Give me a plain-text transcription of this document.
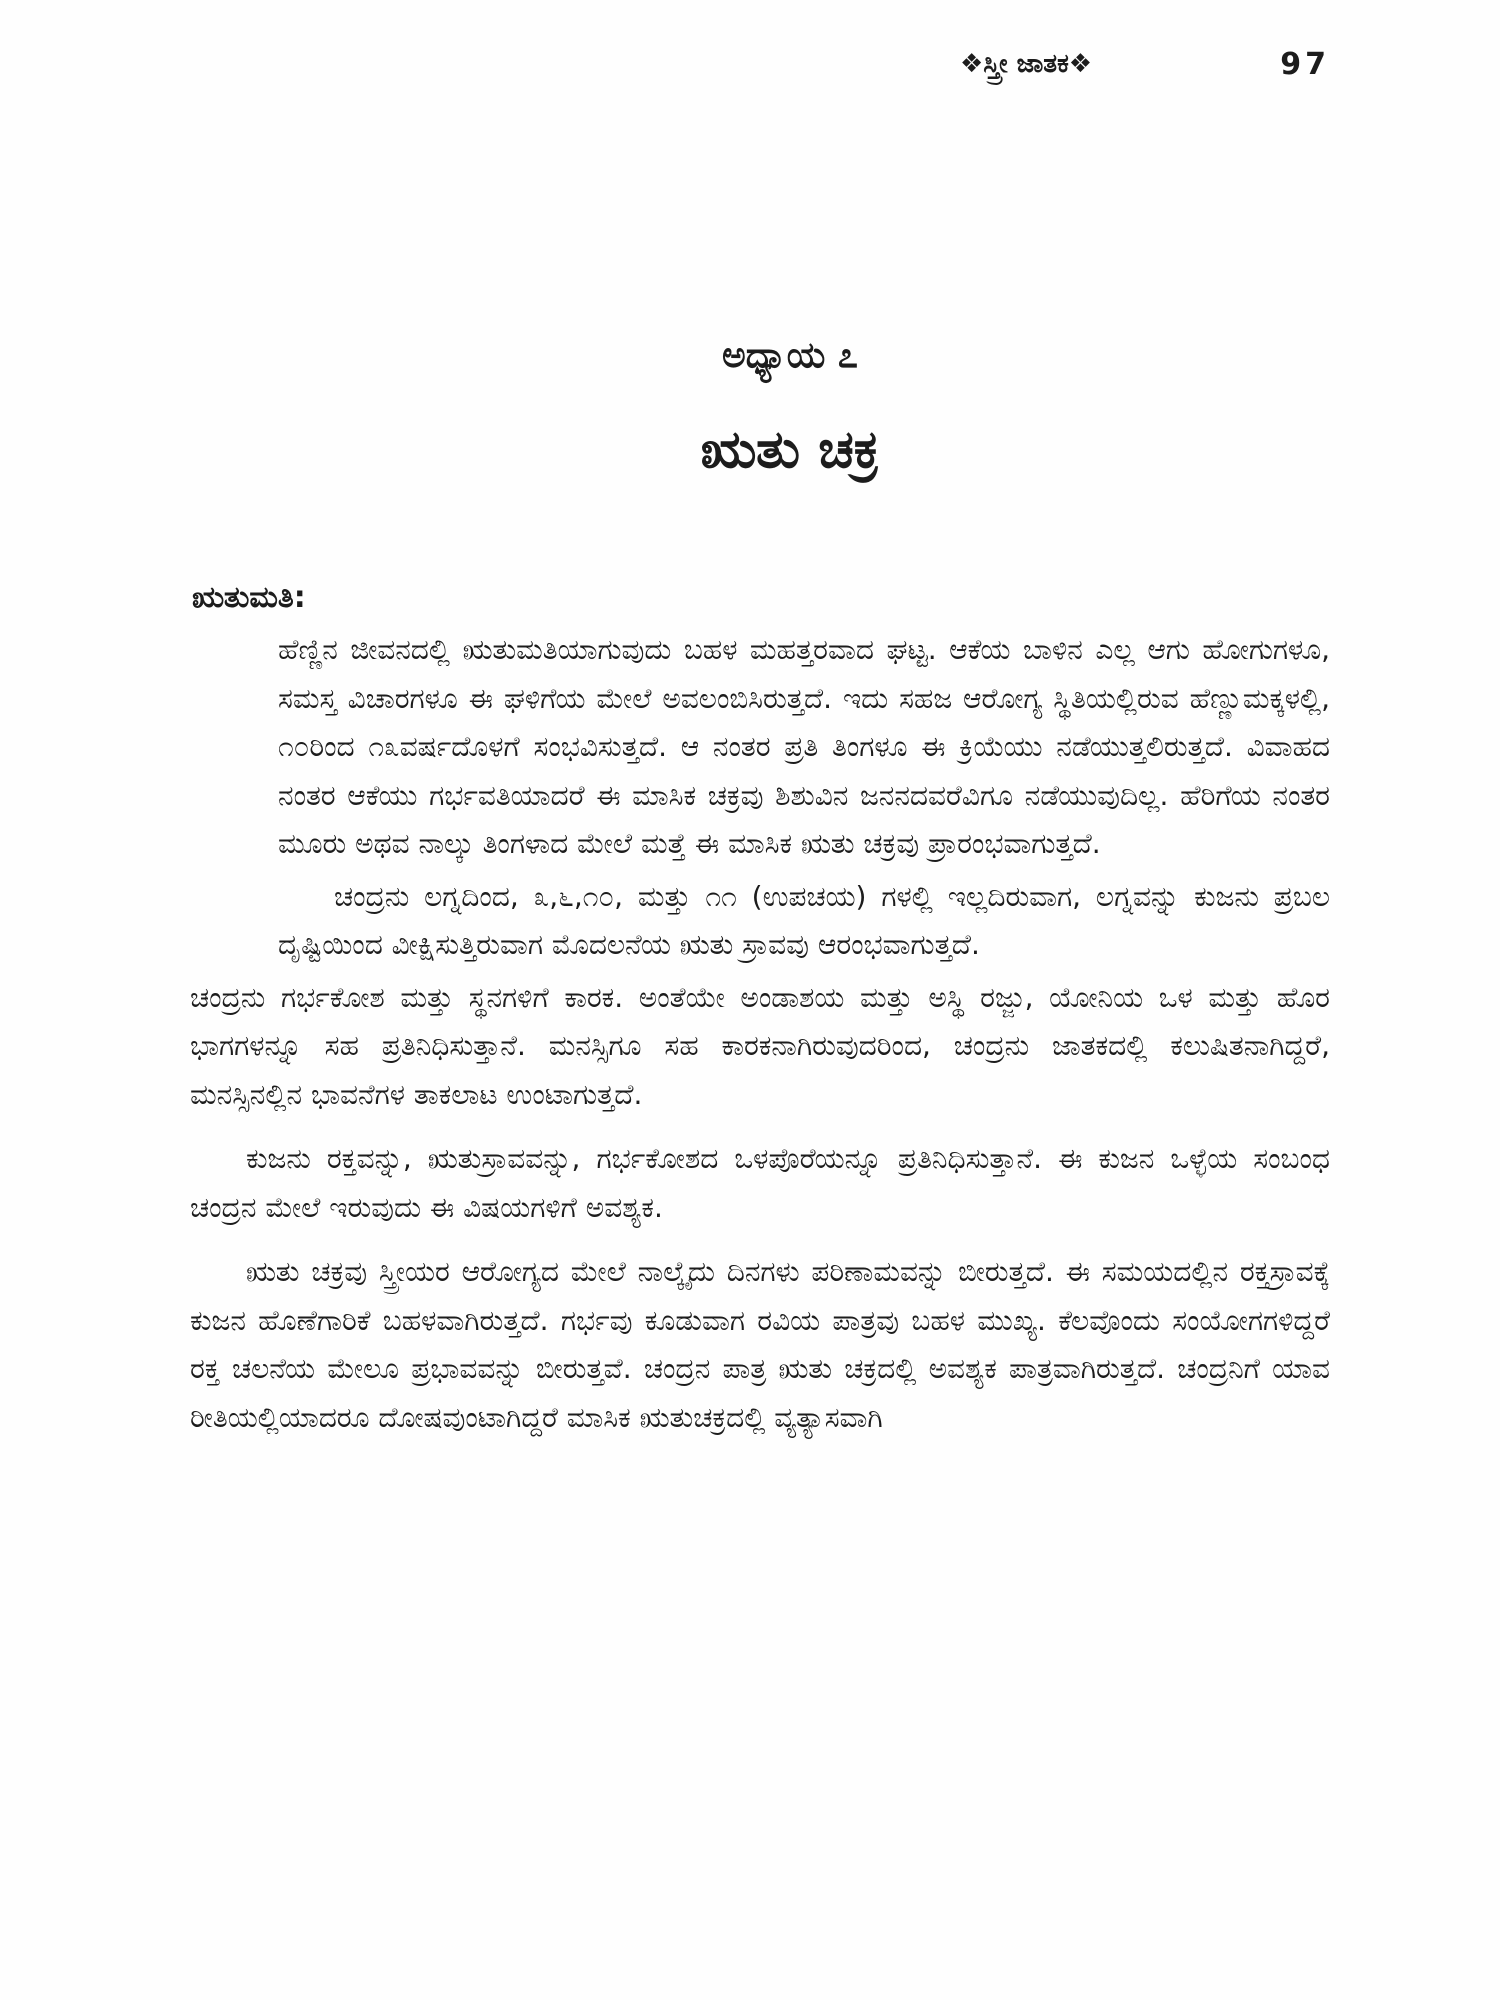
❖ಸ್ತ್ರೀ ಜಾತಕ❖	97
ಅಧ್ಯಾಯ ೭
ಋತು ಚಕ್ರ
ಋತುಮತಿ:

ಹೆಣ್ಣಿನ ಜೀವನದಲ್ಲಿ ಋತುಮತಿಯಾಗುವುದು ಬಹಳ ಮಹತ್ತರವಾದ ಘಟ್ಟ. ಆಕೆಯ ಬಾಳಿನ ಎಲ್ಲ ಆಗು ಹೋಗುಗಳೂ, ಸಮಸ್ತ ವಿಚಾರಗಳೂ ಈ ಘಳಿಗೆಯ ಮೇಲೆ ಅವಲಂಬಿಸಿರುತ್ತದೆ. ಇದು ಸಹಜ ಆರೋಗ್ಯ ಸ್ಥಿತಿಯಲ್ಲಿರುವ ಹೆಣ್ಣುಮಕ್ಕಳಲ್ಲಿ, ೧೦ರಿಂದ ೧೩ವರ್ಷದೊಳಗೆ ಸಂಭವಿಸುತ್ತದೆ. ಆ ನಂತರ ಪ್ರತಿ ತಿಂಗಳೂ ಈ ಕ್ರಿಯೆಯು ನಡೆಯುತ್ತಲಿರುತ್ತದೆ. ವಿವಾಹದ ನಂತರ ಆಕೆಯು ಗರ್ಭವತಿಯಾದರೆ ಈ ಮಾಸಿಕ ಚಕ್ರವು ಶಿಶುವಿನ ಜನನದವರೆವಿಗೂ ನಡೆಯುವುದಿಲ್ಲ. ಹೆರಿಗೆಯ ನಂತರ ಮೂರು ಅಥವ ನಾಲ್ಕು ತಿಂಗಳಾದ ಮೇಲೆ ಮತ್ತೆ ಈ ಮಾಸಿಕ ಋತು ಚಕ್ರವು ಪ್ರಾರಂಭವಾಗುತ್ತದೆ.

ಚಂದ್ರನು ಲಗ್ನದಿಂದ, ೩,೬,೧೦, ಮತ್ತು ೧೧ (ಉಪಚಯ) ಗಳಲ್ಲಿ ಇಲ್ಲದಿರುವಾಗ, ಲಗ್ನವನ್ನು ಕುಜನು ಪ್ರಬಲ ದೃಷ್ಟಿಯಿಂದ ವೀಕ್ಷಿಸುತ್ತಿರುವಾಗ ಮೊದಲನೆಯ ಋತು ಸ್ರಾವವು ಆರಂಭವಾಗುತ್ತದೆ.

ಚಂದ್ರನು ಗರ್ಭಕೋಶ ಮತ್ತು ಸ್ಥನಗಳಿಗೆ ಕಾರಕ. ಅಂತೆಯೇ ಅಂಡಾಶಯ ಮತ್ತು ಅಸ್ಥಿ ರಜ್ಜು, ಯೋನಿಯ ಒಳ ಮತ್ತು ಹೊರ ಭಾಗಗಳನ್ನೂ ಸಹ ಪ್ರತಿನಿಧಿಸುತ್ತಾನೆ. ಮನಸ್ಸಿಗೂ ಸಹ ಕಾರಕನಾಗಿರುವುದರಿಂದ, ಚಂದ್ರನು ಜಾತಕದಲ್ಲಿ ಕಲುಷಿತನಾಗಿದ್ದರೆ, ಮನಸ್ಸಿನಲ್ಲಿನ ಭಾವನೆಗಳ ತಾಕಲಾಟ ಉಂಟಾಗುತ್ತದೆ.

ಕುಜನು ರಕ್ತವನ್ನು, ಋತುಸ್ರಾವವನ್ನು, ಗರ್ಭಕೋಶದ ಒಳಪೊರೆಯನ್ನೂ ಪ್ರತಿನಿಧಿಸುತ್ತಾನೆ. ಈ ಕುಜನ ಒಳ್ಳೆಯ ಸಂಬಂಧ ಚಂದ್ರನ ಮೇಲೆ ಇರುವುದು ಈ ವಿಷಯಗಳಿಗೆ ಅವಶ್ಯಕ.

ಋತು ಚಕ್ರವು ಸ್ತ್ರೀಯರ ಆರೋಗ್ಯದ ಮೇಲೆ ನಾಲ್ಕೈದು ದಿನಗಳು ಪರಿಣಾಮವನ್ನು ಬೀರುತ್ತದೆ. ಈ ಸಮಯದಲ್ಲಿನ ರಕ್ತಸ್ರಾವಕ್ಕೆ ಕುಜನ ಹೊಣೆಗಾರಿಕೆ ಬಹಳವಾಗಿರುತ್ತದೆ. ಗರ್ಭವು ಕೂಡುವಾಗ ರವಿಯ ಪಾತ್ರವು ಬಹಳ ಮುಖ್ಯ. ಕೆಲವೊಂದು ಸಂಯೋಗಗಳಿದ್ದರೆ ರಕ್ತ ಚಲನೆಯ ಮೇಲೂ ಪ್ರಭಾವವನ್ನು ಬೀರುತ್ತವೆ. ಚಂದ್ರನ ಪಾತ್ರ ಋತು ಚಕ್ರದಲ್ಲಿ ಅವಶ್ಯಕ ಪಾತ್ರವಾಗಿರುತ್ತದೆ. ಚಂದ್ರನಿಗೆ ಯಾವ ರೀತಿಯಲ್ಲಿಯಾದರೂ ದೋಷವುಂಟಾಗಿದ್ದರೆ ಮಾಸಿಕ ಋತುಚಕ್ರದಲ್ಲಿ ವ್ಯತ್ಯಾಸವಾಗಿ
